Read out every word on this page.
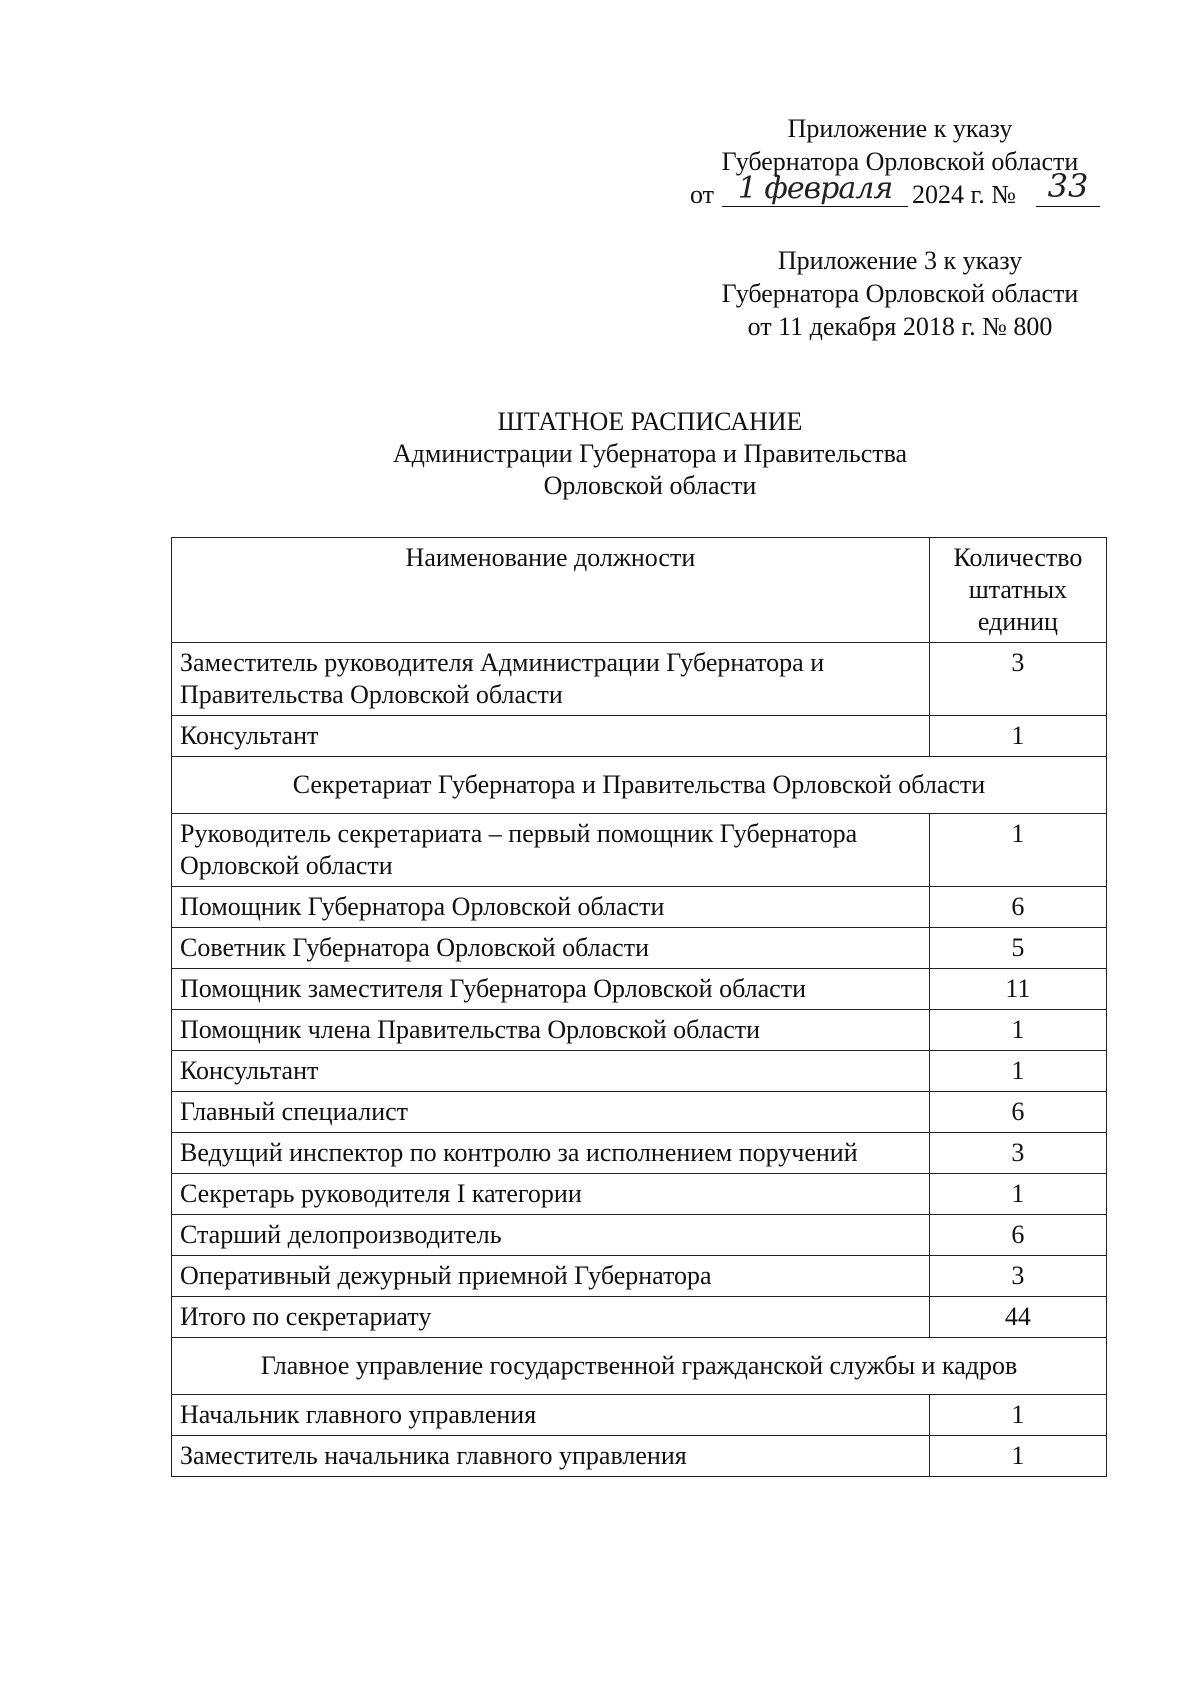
Приложение к указу
Губернатора Орловской области
от 1 февраля 2024 г. № 33
Приложение 3 к указу
Губернатора Орловской области
от 11 декабря 2018 г. № 800
ШТАТНОЕ РАСПИСАНИЕ
Администрации Губернатора и Правительства
Орловской области
Наименование должности	Количество штатных единиц
Заместитель руководителя Администрации Губернатора и Правительства Орловской области	3
Консультант	1
Секретариат Губернатора и Правительства Орловской области	
Руководитель секретариата – первый помощник Губернатора Орловской области	1
Помощник Губернатора Орловской области	6
Советник Губернатора Орловской области	5
Помощник заместителя Губернатора Орловской области	11
Помощник члена Правительства Орловской области	1
Консультант	1
Главный специалист	6
Ведущий инспектор по контролю за исполнением поручений	3
Секретарь руководителя I категории	1
Старший делопроизводитель	6
Оперативный дежурный приемной Губернатора	3
Итого по секретариату	44
Главное управление государственной гражданской службы и кадров	
Начальник главного управления	1
Заместитель начальника главного управления	1
